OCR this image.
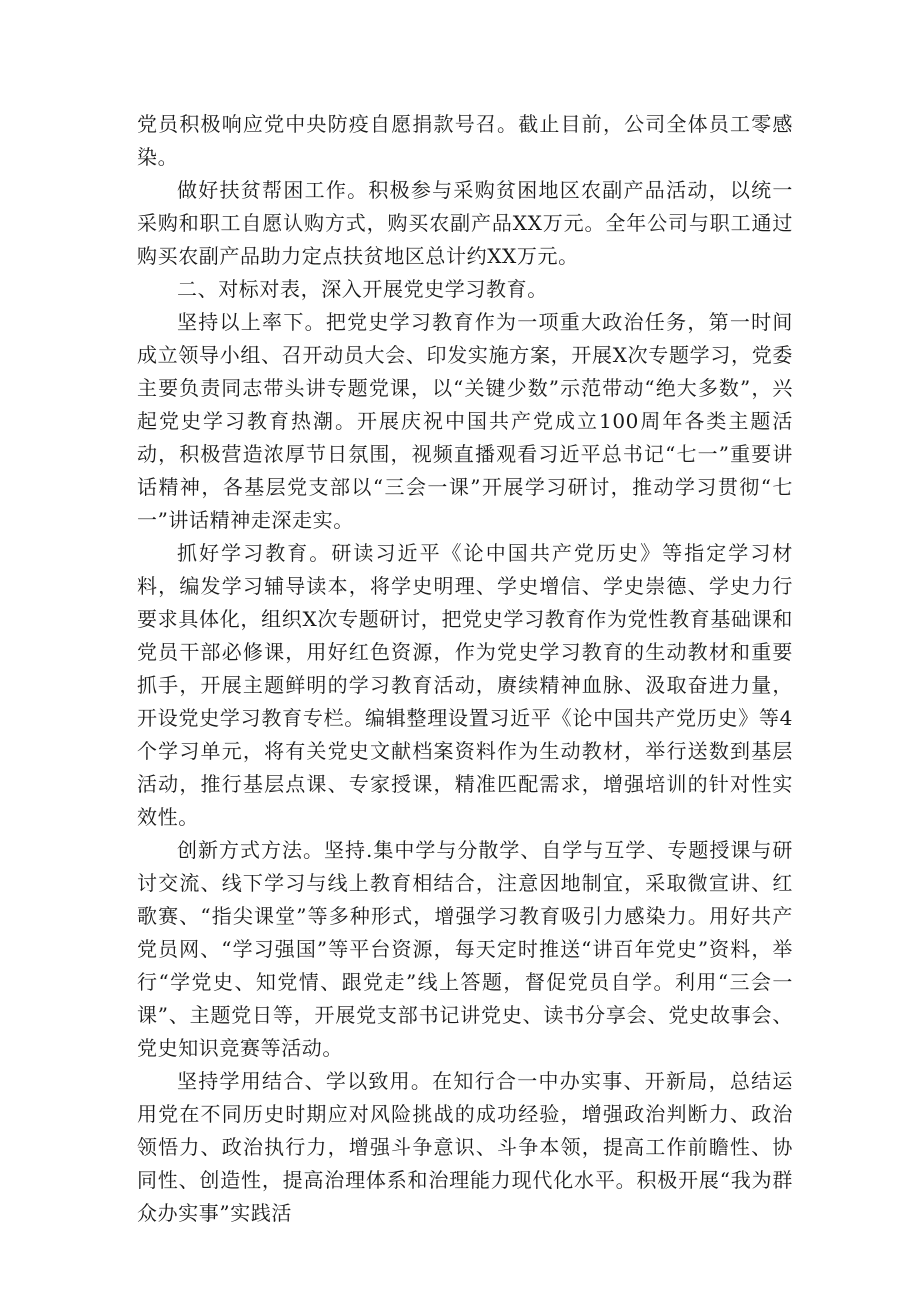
党员积极响应党中央防疫自愿捐款号召。截止目前，公司全体员工零感染。

做好扶贫帮困工作。积极参与采购贫困地区农副产品活动，以统一采购和职工自愿认购方式，购买农副产品XX万元。全年公司与职工通过购买农副产品助力定点扶贫地区总计约XX万元。

二、对标对表，深入开展党史学习教育。

坚持以上率下。把党史学习教育作为一项重大政治任务，第一时间成立领导小组、召开动员大会、印发实施方案，开展X次专题学习，党委主要负责同志带头讲专题党课，以“关键少数”示范带动“绝大多数”，兴起党史学习教育热潮。开展庆祝中国共产党成立100周年各类主题活动，积极营造浓厚节日氛围，视频直播观看习近平总书记“七一”重要讲话精神，各基层党支部以“三会一课”开展学习研讨，推动学习贯彻“七一”讲话精神走深走实。

抓好学习教育。研读习近平《论中国共产党历史》等指定学习材料，编发学习辅导读本，将学史明理、学史增信、学史崇德、学史力行要求具体化，组织X次专题研讨，把党史学习教育作为党性教育基础课和党员干部必修课，用好红色资源，作为党史学习教育的生动教材和重要抓手，开展主题鲜明的学习教育活动，赓续精神血脉、汲取奋进力量，开设党史学习教育专栏。编辑整理设置习近平《论中国共产党历史》等4个学习单元，将有关党史文献档案资料作为生动教材，举行送数到基层活动，推行基层点课、专家授课，精准匹配需求，增强培训的针对性实效性。

创新方式方法。坚持.集中学与分散学、自学与互学、专题授课与研讨交流、线下学习与线上教育相结合，注意因地制宜，采取微宣讲、红歌赛、“指尖课堂”等多种形式，增强学习教育吸引力感染力。用好共产党员网、“学习强国”等平台资源，每天定时推送“讲百年党史”资料，举行“学党史、知党情、跟党走”线上答题，督促党员自学。利用“三会一课”、主题党日等，开展党支部书记讲党史、读书分享会、党史故事会、党史知识竞赛等活动。

坚持学用结合、学以致用。在知行合一中办实事、开新局，总结运用党在不同历史时期应对风险挑战的成功经验，增强政治判断力、政治领悟力、政治执行力，增强斗争意识、斗争本领，提高工作前瞻性、协同性、创造性，提高治理体系和治理能力现代化水平。积极开展“我为群众办实事”实践活
